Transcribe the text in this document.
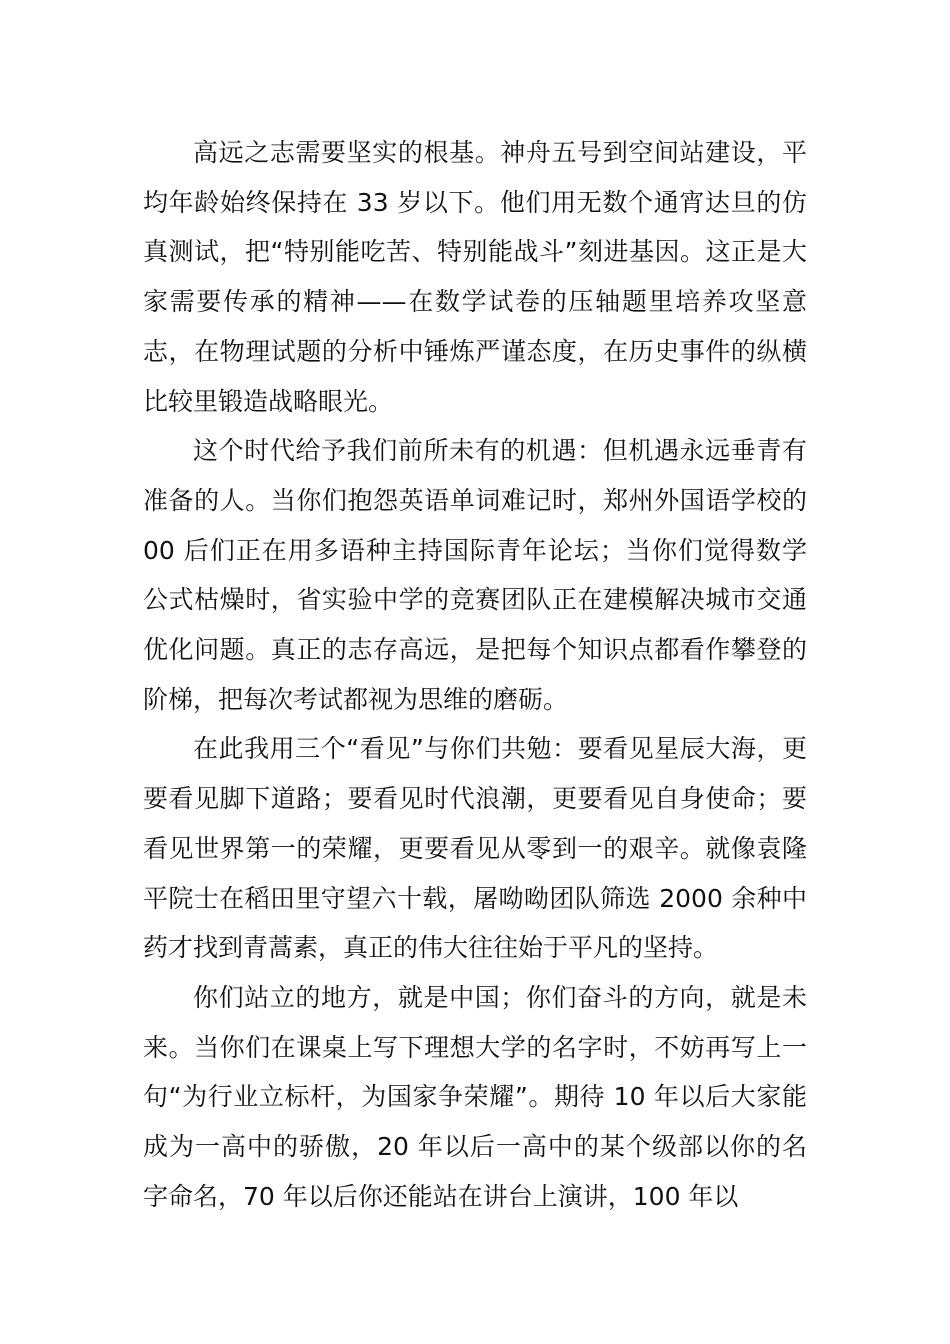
高远之志需要坚实的根基。神舟五号到空间站建设，平均年龄始终保持在 33 岁以下。他们用无数个通宵达旦的仿真测试，把“特别能吃苦、特别能战斗”刻进基因。这正是大家需要传承的精神——在数学试卷的压轴题里培养攻坚意志，在物理试题的分析中锤炼严谨态度，在历史事件的纵横比较里锻造战略眼光。

这个时代给予我们前所未有的机遇：但机遇永远垂青有准备的人。当你们抱怨英语单词难记时，郑州外国语学校的 00 后们正在用多语种主持国际青年论坛；当你们觉得数学公式枯燥时，省实验中学的竞赛团队正在建模解决城市交通优化问题。真正的志存高远，是把每个知识点都看作攀登的阶梯，把每次考试都视为思维的磨砺。

在此我用三个“看见”与你们共勉：要看见星辰大海，更要看见脚下道路；要看见时代浪潮，更要看见自身使命；要看见世界第一的荣耀，更要看见从零到一的艰辛。就像袁隆平院士在稻田里守望六十载，屠呦呦团队筛选 2000 余种中药才找到青蒿素，真正的伟大往往始于平凡的坚持。

你们站立的地方，就是中国；你们奋斗的方向，就是未来。当你们在课桌上写下理想大学的名字时，不妨再写上一句“为行业立标杆，为国家争荣耀”。期待 10 年以后大家能成为一高中的骄傲，20 年以后一高中的某个级部以你的名字命名，70 年以后你还能站在讲台上演讲，100 年以
